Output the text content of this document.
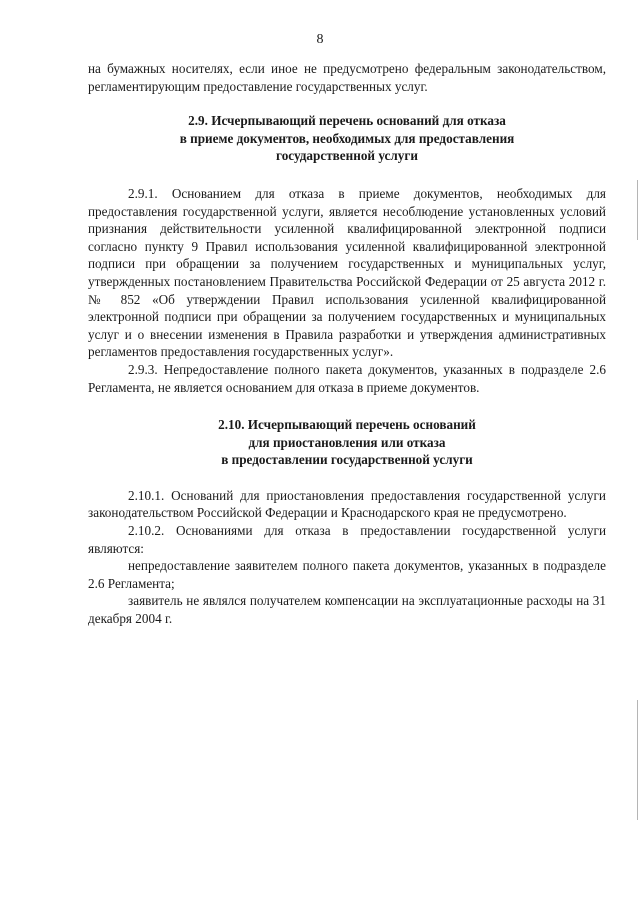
8

на бумажных носителях, если иное не предусмотрено федеральным законодательством, регламентирующим предоставление государственных услуг.

2.9. Исчерпывающий перечень оснований для отказа
в приеме документов, необходимых для предоставления
государственной услуги

2.9.1. Основанием для отказа в приеме документов, необходимых для предоставления государственной услуги, является несоблюдение установленных условий признания действительности усиленной квалифицированной электронной подписи согласно пункту 9 Правил использования усиленной квалифицированной электронной подписи при обращении за получением государственных и муниципальных услуг, утвержденных постановлением Правительства Российской Федерации от 25 августа 2012 г. № 852 «Об утверждении Правил использования усиленной квалифицированной электронной подписи при обращении за получением государственных и муниципальных услуг и о внесении изменения в Правила разработки и утверждения административных регламентов предоставления государственных услуг».

2.9.3. Непредоставление полного пакета документов, указанных в подразделе 2.6 Регламента, не является основанием для отказа в приеме документов.

2.10. Исчерпывающий перечень оснований
для приостановления или отказа
в предоставлении государственной услуги

2.10.1. Оснований для приостановления предоставления государственной услуги законодательством Российской Федерации и Краснодарского края не предусмотрено.

2.10.2. Основаниями для отказа в предоставлении государственной услуги являются:

непредоставление заявителем полного пакета документов, указанных в подразделе 2.6 Регламента;

заявитель не являлся получателем компенсации на эксплуатационные расходы на 31 декабря 2004 г.
